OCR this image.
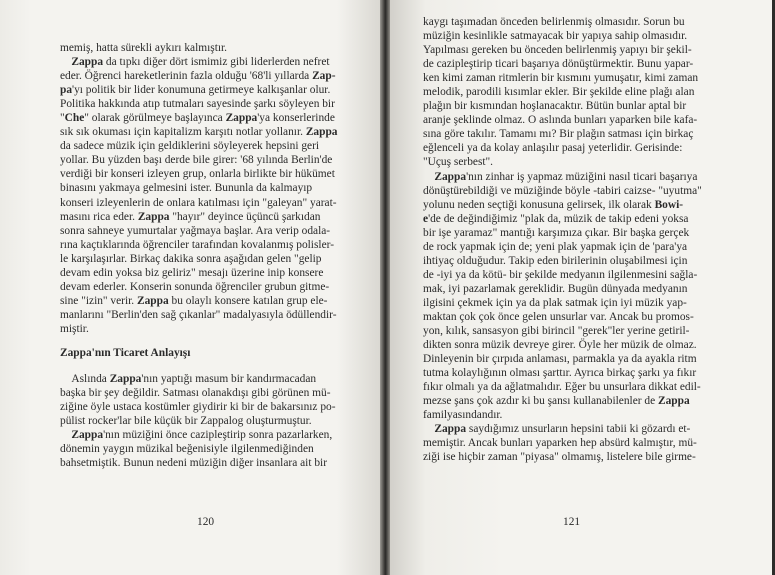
memiş, hatta sürekli aykırı kalmıştır.
Zappa da tıpkı diğer dört ismimiz gibi liderlerden nefret
eder. Öğrenci hareketlerinin fazla olduğu '68'li yıllarda Zap-
pa'yı politik bir lider konumuna getirmeye kalkışanlar olur.
Politika hakkında atıp tutmaları sayesinde şarkı söyleyen bir
"Che" olarak görülmeye başlayınca Zappa'ya konserlerinde
sık sık okuması için kapitalizm karşıtı notlar yollanır. Zappa
da sadece müzik için geldiklerini söyleyerek hepsini geri
yollar. Bu yüzden başı derde bile girer: '68 yılında Berlin'de
verdiği bir konseri izleyen grup, onlarla birlikte bir hükümet
binasını yakmaya gelmesini ister. Bununla da kalmayıp
konseri izleyenlerin de onlara katılması için "galeyan" yarat-
masını rica eder. Zappa "hayır" deyince üçüncü şarkıdan
sonra sahneye yumurtalar yağmaya başlar. Ara verip odala-
rına kaçtıklarında öğrenciler tarafından kovalanmış polisler-
le karşılaşırlar. Birkaç dakika sonra aşağıdan gelen "gelip
devam edin yoksa biz geliriz" mesajı üzerine inip konsere
devam ederler. Konserin sonunda öğrenciler grubun gitme-
sine "izin" verir. Zappa bu olaylı konsere katılan grup ele-
manlarını "Berlin'den sağ çıkanlar" madalyasıyla ödüllendir-
miştir.
Zappa'nın Ticaret Anlayışı
Aslında Zappa'nın yaptığı masum bir kandırmacadan
başka bir şey değildir. Satması olanakdışı gibi görünen mü-
ziğine öyle ustaca kostümler giydirir ki bir de bakarsınız po-
pülist rocker'lar bile küçük bir Zappalog oluşturmuştur.
Zappa'nın müziğini önce cazipleştirip sonra pazarlarken,
dönemin yaygın müzikal beğenisiyle ilgilenmediğinden
bahsetmiştik. Bunun nedeni müziğin diğer insanlara ait bir
120
kaygı taşımadan önceden belirlenmiş olmasıdır. Sorun bu
müziğin kesinlikle satmayacak bir yapıya sahip olmasıdır.
Yapılması gereken bu önceden belirlenmiş yapıyı bir şekil-
de cazipleştirip ticari başarıya dönüştürmektir. Bunu yapar-
ken kimi zaman ritmlerin bir kısmını yumuşatır, kimi zaman
melodik, parodili kısımlar ekler. Bir şekilde eline plağı alan
plağın bir kısmından hoşlanacaktır. Bütün bunlar aptal bir
aranje şeklinde olmaz. O aslında bunları yaparken bile kafa-
sına göre takılır. Tamamı mı? Bir plağın satması için birkaç
eğlenceli ya da kolay anlaşılır pasaj yeterlidir. Gerisinde:
"Uçuş serbest".
Zappa'nın zinhar iş yapmaz müziğini nasıl ticari başarıya
dönüştürebildiği ve müziğinde böyle -tabiri caizse- "uyutma"
yolunu neden seçtiği konusuna gelirsek, ilk olarak Bowi-
e'de de değindiğimiz "plak da, müzik de takip edeni yoksa
bir işe yaramaz" mantığı karşımıza çıkar. Bir başka gerçek
de rock yapmak için de; yeni plak yapmak için de 'para'ya
ihtiyaç olduğudur. Takip eden birilerinin oluşabilmesi için
de -iyi ya da kötü- bir şekilde medyanın ilgilenmesini sağla-
mak, iyi pazarlamak gereklidir. Bugün dünyada medyanın
ilgisini çekmek için ya da plak satmak için iyi müzik yap-
maktan çok çok önce gelen unsurlar var. Ancak bu promos-
yon, kılık, sansasyon gibi birincil "gerek"ler yerine getiril-
dikten sonra müzik devreye girer. Öyle her müzik de olmaz.
Dinleyenin bir çırpıda anlaması, parmakla ya da ayakla ritm
tutma kolaylığının olması şarttır. Ayrıca birkaç şarkı ya fıkır
fıkır olmalı ya da ağlatmalıdır. Eğer bu unsurlara dikkat edil-
mezse şans çok azdır ki bu şansı kullanabilenler de Zappa
familyasındandır.
Zappa saydığımız unsurların hepsini tabii ki gözardı et-
memiştir. Ancak bunları yaparken hep absürd kalmıştır, mü-
ziği ise hiçbir zaman "piyasa" olmamış, listelere bile girme-
121
